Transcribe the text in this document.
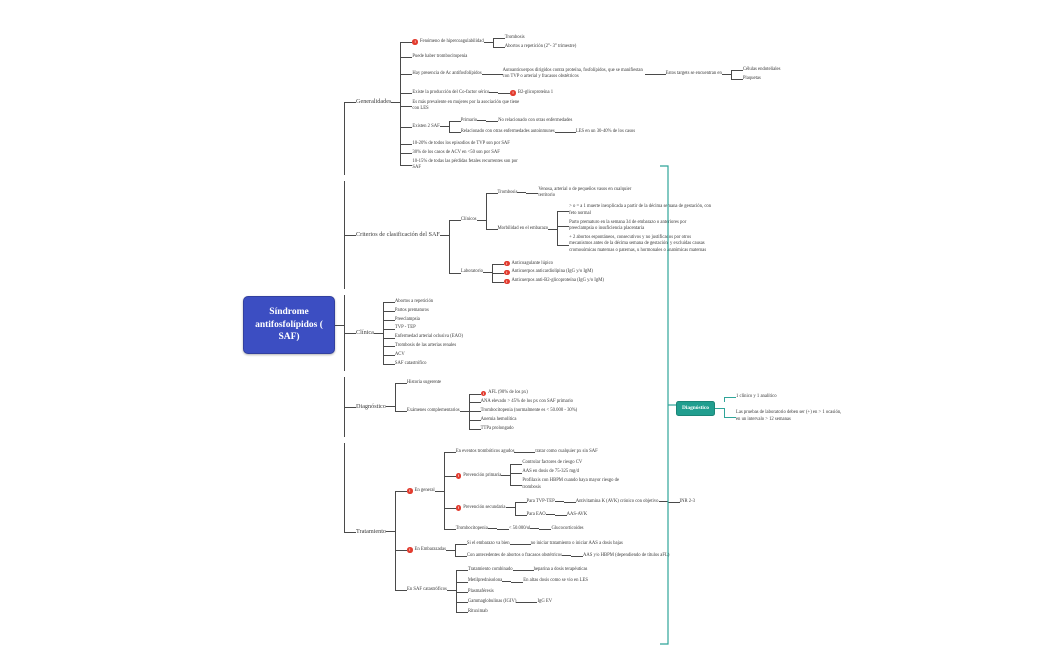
Síndrome antifosfolípidos ( SAF)
Generalidades
! Fenómeno de hipercoagulabilidad
Trombosis
Abortos a repetición (2°- 3° trimestre)
Puede haber trombocitopenia
Hay presencia de Ac antifosfolípidos
Autoanticuerpos dirigidos contra proteína, fosfolípidos, que se manifiestan con TVP o arterial y fracasos obstétricos
Estos targets se encuentran en
Células endoteliales
Plaquetas
Existe la producción del Co-factor sérico	! B2-glicoproteína 1
Es más prevalente en mujeres por la asociación que tiene con LES
Existen 2 SAF
Primario	No relacionado con otras enfermedades
Relacionado con otras enfermedades autoinmunes	LES en un 30-40% de los casos
10-20% de todos los episodios de TVP son por SAF
30% de los casos de ACV en <50 son por SAF
10-15% de todas las pérdidas fetales recurrentes son por SAF
Criterios de clasificación del SAF
Clínicos
Trombosis
Venosa, arterial o de pequeños vasos en cualquier territorio
Morbilidad en el embarazo
> o = a 1 muerte inexplicada a partir de la décima semana de gestación, con feto normal
Parto prematuro en la semana 34 de embarazo o anteriores por preeclampsia o insuficiencia placentaria
+ 2 abortos espontáneos, consecutivos y no justificados por otros mecanismos antes de la décima semana de gestación, y excluidas causas cromosómicas maternas o paternas, u hormonales o anatómicas maternas
Laboratorio
! Anticoagulante lúpico
! Anticuerpos anticardiolipina (IgG y/o IgM)
! Anticuerpos anti-B2-glicoproteína (IgG y/o IgM)
Clínica
Abortos a repetición
Partos prematuros
Preeclampsia
TVP - TEP
Enfermedad arterial oclusiva (EAO)
Trombosis de las arterias renales
ACV
SAF catastrófico
Diagnóstico
Historia sugerente
Exámenes complementarios
! AFL (90% de los px)
ANA elevado > 45% de los px con SAF primario
Trombocitopenia (normalmente es < 50.000 - 30%)
Anemia hemolítica
TTPa prolongado
Tratamiento
! En general
En eventos trombóticos agudos	tratar como cualquier px sin SAF
! Prevención primaria
Controlar factores de riesgo CV
AAS en dosis de 75-325 mg/d
Profilaxis con HBPM cuando haya mayor riesgo de trombosis
! Prevención secundaria
Para TVP-TEP	Antivitamina K (AVK) crónico con objetivo	INR 2-3
Para EAO	AAS-AVK
Trombocitopenia	< 50.000/ul	Glucocorticoides
! En Embarazadas
Si el embarazo va bien	no iniciar tratamiento o iniciar AAS a dosis bajas
Con antecedentes de abortos o fracasos obstétricos	AAS y/o HBPM (dependiendo de títulos aFL)
En SAF catastróficos
Tratamiento combinado	heparina a dosis terapéuticas
Metilprednisolona	En altas dosis como se vio en LES
Plasmaféresis
Gammaglobulinas (IGIV)	IgG EV
Rituximab
Diagnóstico
1 clínico y 1 analítico
Las pruebas de laboratorio deben ser (+) en > 1 ocasión, en un intervalo > 12 semanas
